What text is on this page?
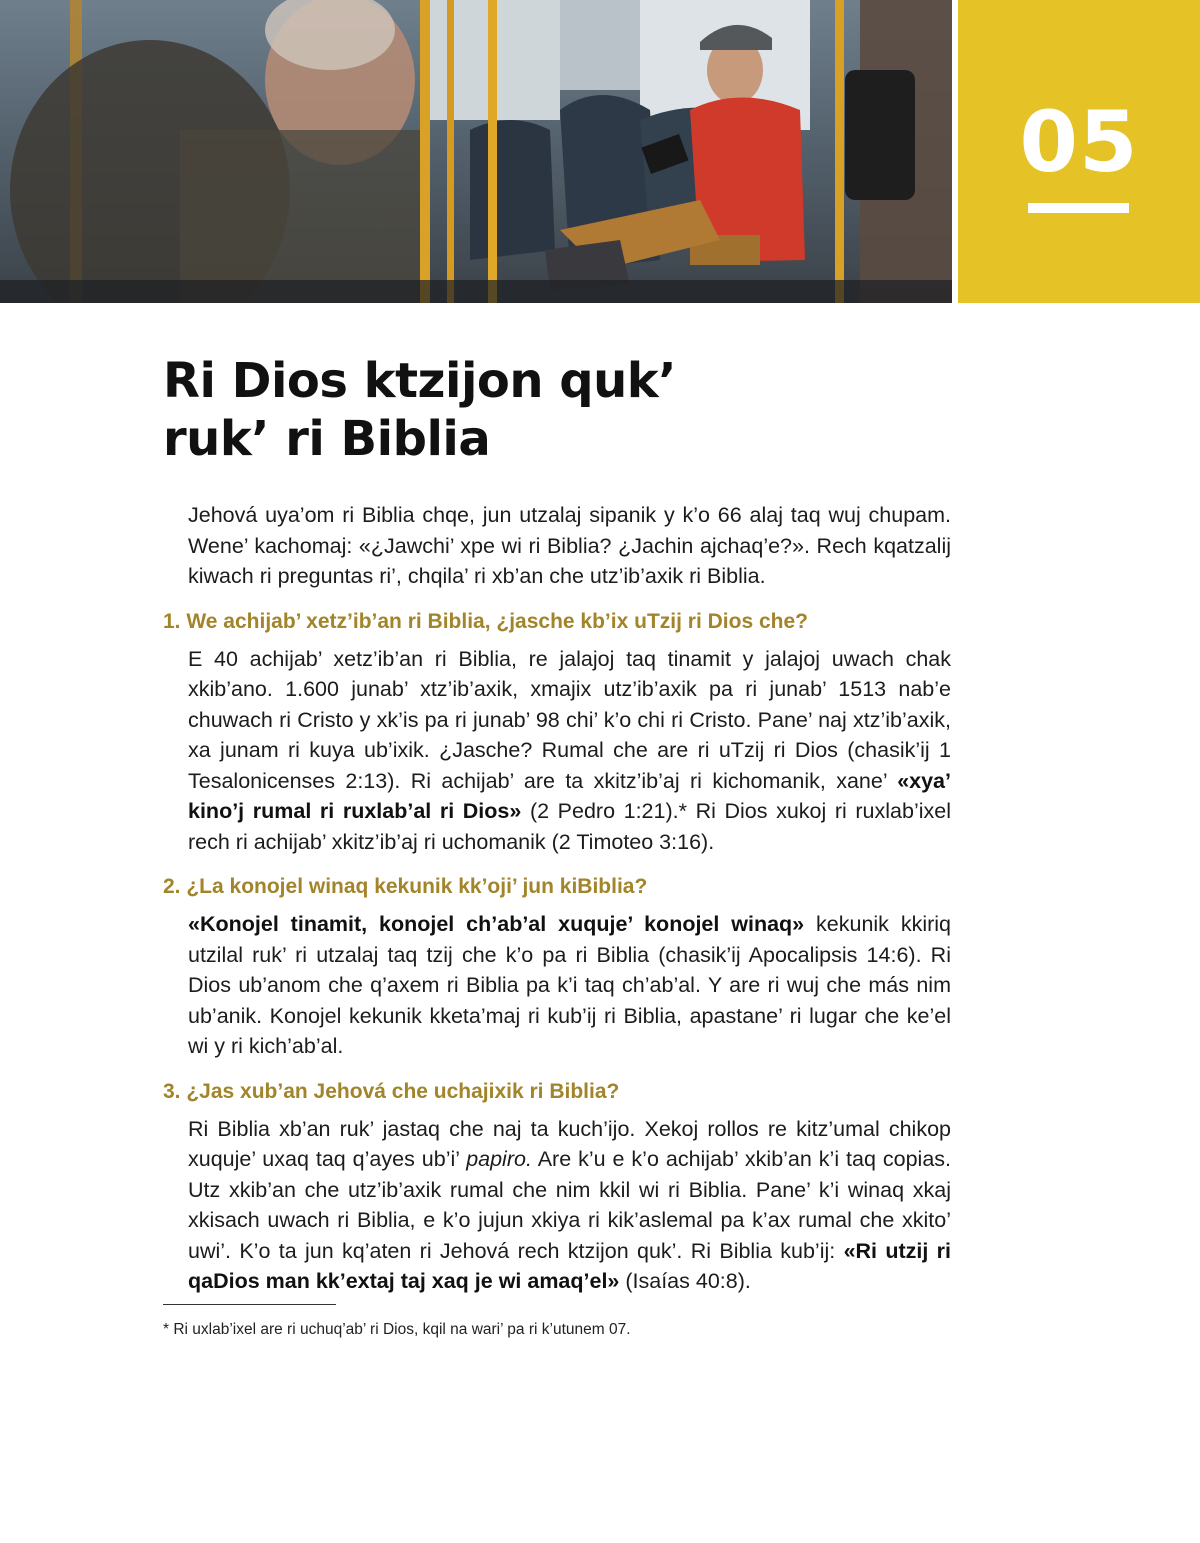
05
Ri Dios ktzijon quk’
ruk’ ri Biblia

Jehová uya’om ri Biblia chqe, jun utzalaj sipanik y k’o 66 alaj taq wuj chupam. Wene’ kachomaj: «¿Jawchi’ xpe wi ri Biblia? ¿Jachin ajchaq’e?». Rech kqatzalij kiwach ri preguntas ri’, chqila’ ri xb’an che utz’ib’axik ri Biblia.

1. We achijab’ xetz’ib’an ri Biblia, ¿jasche kb’ix uTzij ri Dios che?

E 40 achijab’ xetz’ib’an ri Biblia, re jalajoj taq tinamit y jalajoj uwach chak xkib’ano. 1.600 junab’ xtz’ib’axik, xmajix utz’ib’axik pa ri junab’ 1513 nab’e chuwach ri Cristo y xk’is pa ri junab’ 98 chi’ k’o chi ri Cristo. Pane’ naj xtz’ib’axik, xa junam ri kuya ub’ixik. ¿Jasche? Rumal che are ri uTzij ri Dios (chasik’ij 1 Tesalonicenses 2:13). Ri achijab’ are ta xkitz’ib’aj ri kichomanik, xane’ «xya’ kino’j rumal ri ruxlab’al ri Dios» (2 Pedro 1:21).* Ri Dios xukoj ri ruxlab’ixel rech ri achijab’ xkitz’ib’aj ri uchomanik (2 Timoteo 3:16).

2. ¿La konojel winaq kekunik kk’oji’ jun kiBiblia?

«Konojel tinamit, konojel ch’ab’al xuquje’ konojel winaq» kekunik kkiriq utzilal ruk’ ri utzalaj taq tzij che k’o pa ri Biblia (chasik’ij Apocalipsis 14:6). Ri Dios ub’anom che q’axem ri Biblia pa k’i taq ch’ab’al. Y are ri wuj che más nim ub’anik. Konojel kekunik kketa’maj ri kub’ij ri Biblia, apastane’ ri lugar che ke’el wi y ri kich’ab’al.

3. ¿Jas xub’an Jehová che uchajixik ri Biblia?

Ri Biblia xb’an ruk’ jastaq che naj ta kuch’ijo. Xekoj rollos re kitz’umal chikop xuquje’ uxaq taq q’ayes ub’i’ papiro. Are k’u e k’o achijab’ xkib’an k’i taq copias. Utz xkib’an che utz’ib’axik rumal che nim kkil wi ri Biblia. Pane’ k’i winaq xkaj xkisach uwach ri Biblia, e k’o jujun xkiya ri kik’aslemal pa k’ax rumal che xkito’ uwi’. K’o ta jun kq’aten ri Jehová rech ktzijon quk’. Ri Biblia kub’ij: «Ri utzij ri qaDios man kk’extaj taj xaq je wi amaq’el» (Isaías 40:8).

* Ri uxlab’ixel are ri uchuq’ab’ ri Dios, kqil na wari’ pa ri k’utunem 07.
